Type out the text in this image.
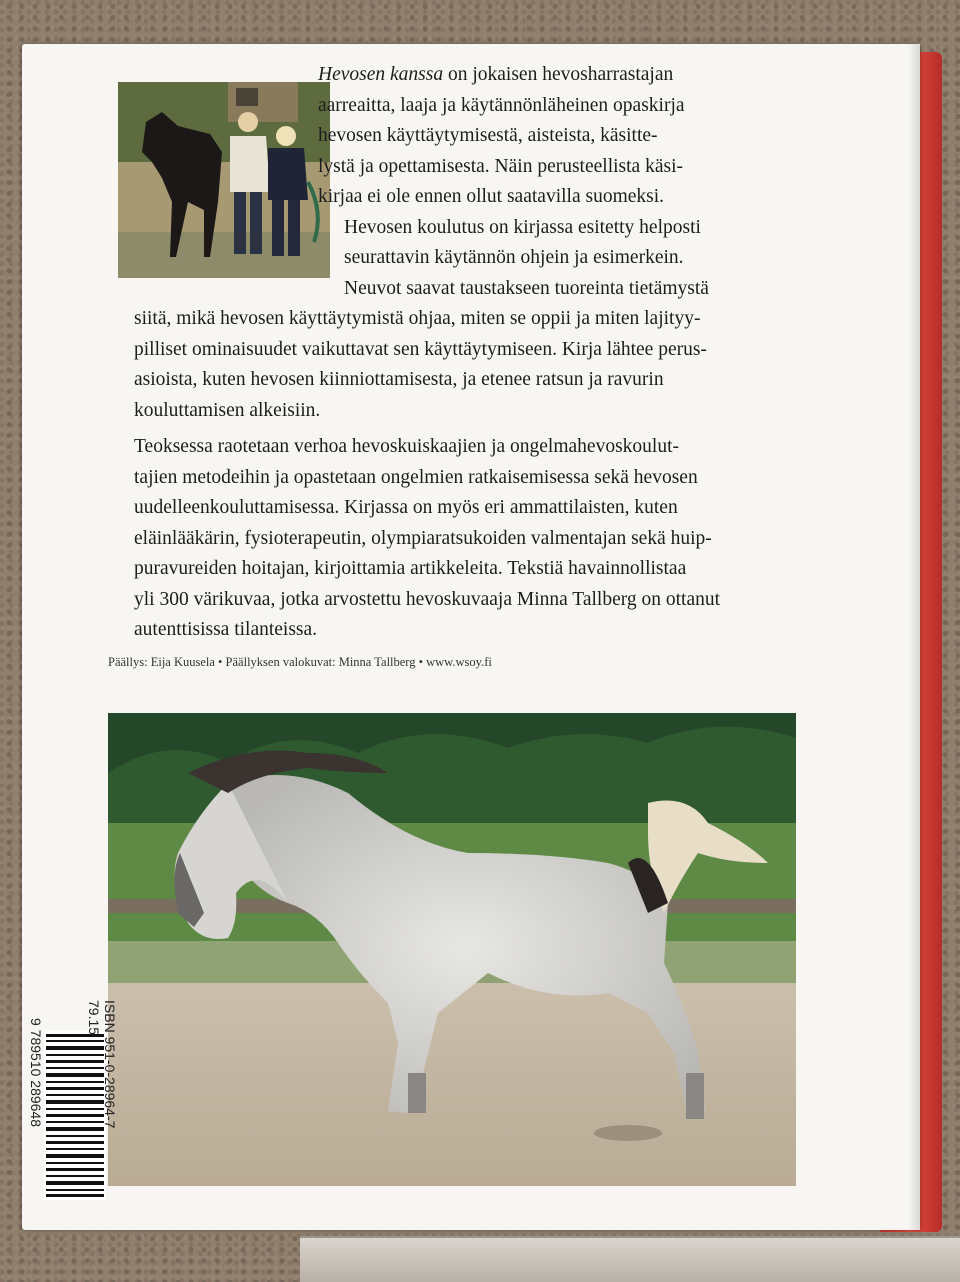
Hevosen kanssa on jokaisen hevosharrastajan
aarreaitta, laaja ja käytännönläheinen opaskirja
hevosen käyttäytymisestä, aisteista, käsitte-
lystä ja opettamisesta. Näin perusteellista käsi-
kirjaa ei ole ennen ollut saatavilla suomeksi.

Hevosen koulutus on kirjassa esitetty helposti
seurattavin käytännön ohjein ja esimerkein.
Neuvot saavat taustakseen tuoreinta tietämystä
siitä, mikä hevosen käyttäytymistä ohjaa, miten se oppii ja miten lajityy-
pilliset ominaisuudet vaikuttavat sen käyttäytymiseen. Kirja lähtee perus-
asioista, kuten hevosen kiinniottamisesta, ja etenee ratsun ja ravurin
kouluttamisen alkeisiin.

Teoksessa raotetaan verhoa hevoskuiskaajien ja ongelmahevoskoulut-
tajien metodeihin ja opastetaan ongelmien ratkaisemisessa sekä hevosen
uudelleenkouluttamisessa. Kirjassa on myös eri ammattilaisten, kuten
eläinlääkärin, fysioterapeutin, olympiaratsukoiden valmentajan sekä huip-
puravureiden hoitajan, kirjoittamia artikkeleita. Tekstiä havainnollistaa
yli 300 värikuvaa, jotka arvostettu hevoskuvaaja Minna Tallberg on ottanut
autenttisissa tilanteissa.

Päällys: Eija Kuusela • Päällyksen valokuvat: Minna Tallberg • www.wsoy.fi
9 789510 289648	ISBN 951-0-28964-7
79.15
